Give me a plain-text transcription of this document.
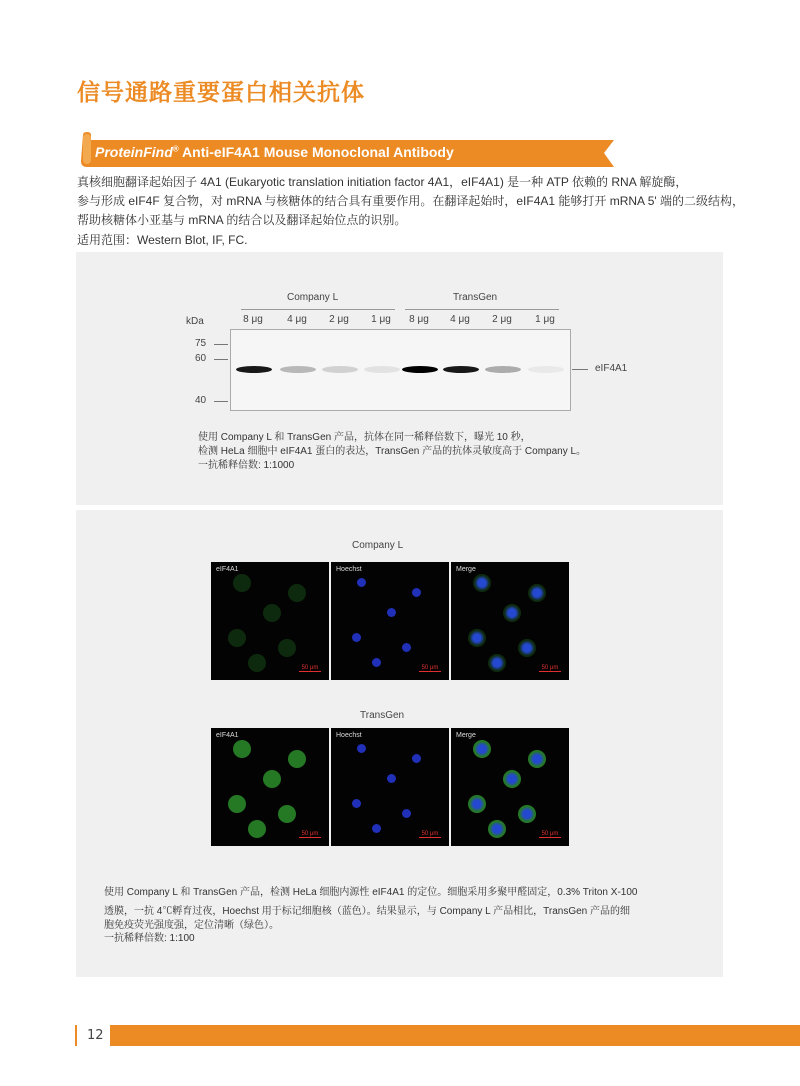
信号通路重要蛋白相关抗体
ProteinFind® Anti-eIF4A1 Mouse Monoclonal Antibody
真核细胞翻译起始因子 4A1 (Eukaryotic translation initiation factor 4A1，eIF4A1) 是一种 ATP 依赖的 RNA 解旋酶，
参与形成 eIF4F 复合物，对 mRNA 与核糖体的结合具有重要作用。在翻译起始时，eIF4A1 能够打开 mRNA 5' 端的二级结构，
帮助核糖体小亚基与 mRNA 的结合以及翻译起始位点的识别。
适用范围：Western Blot, IF, FC.
Company L	TransGen
kDa	8 μg	4 μg	2 μg	1 μg	8 μg	4 μg	2 μg	1 μg
75
60
40
eIF4A1
使用 Company L 和 TransGen 产品，抗体在同一稀释倍数下，曝光 10 秒，
检测 HeLa 细胞中 eIF4A1 蛋白的表达，TransGen 产品的抗体灵敏度高于 Company L。
一抗稀释倍数: 1:1000
Company L
TransGen
eIF4A1
50 μm
Hoechst
50 μm
Merge
50 μm
eIF4A1
50 μm
Hoechst
50 μm
Merge
50 μm
使用 Company L 和 TransGen 产品，检测 HeLa 细胞内源性 eIF4A1 的定位。细胞采用多聚甲醛固定，0.3% Triton X-100
透膜，一抗 4℃孵育过夜，Hoechst 用于标记细胞核（蓝色）。结果显示，与 Company L 产品相比，TransGen 产品的细
胞免疫荧光强度强，定位清晰（绿色）。
一抗稀释倍数: 1:100
12
